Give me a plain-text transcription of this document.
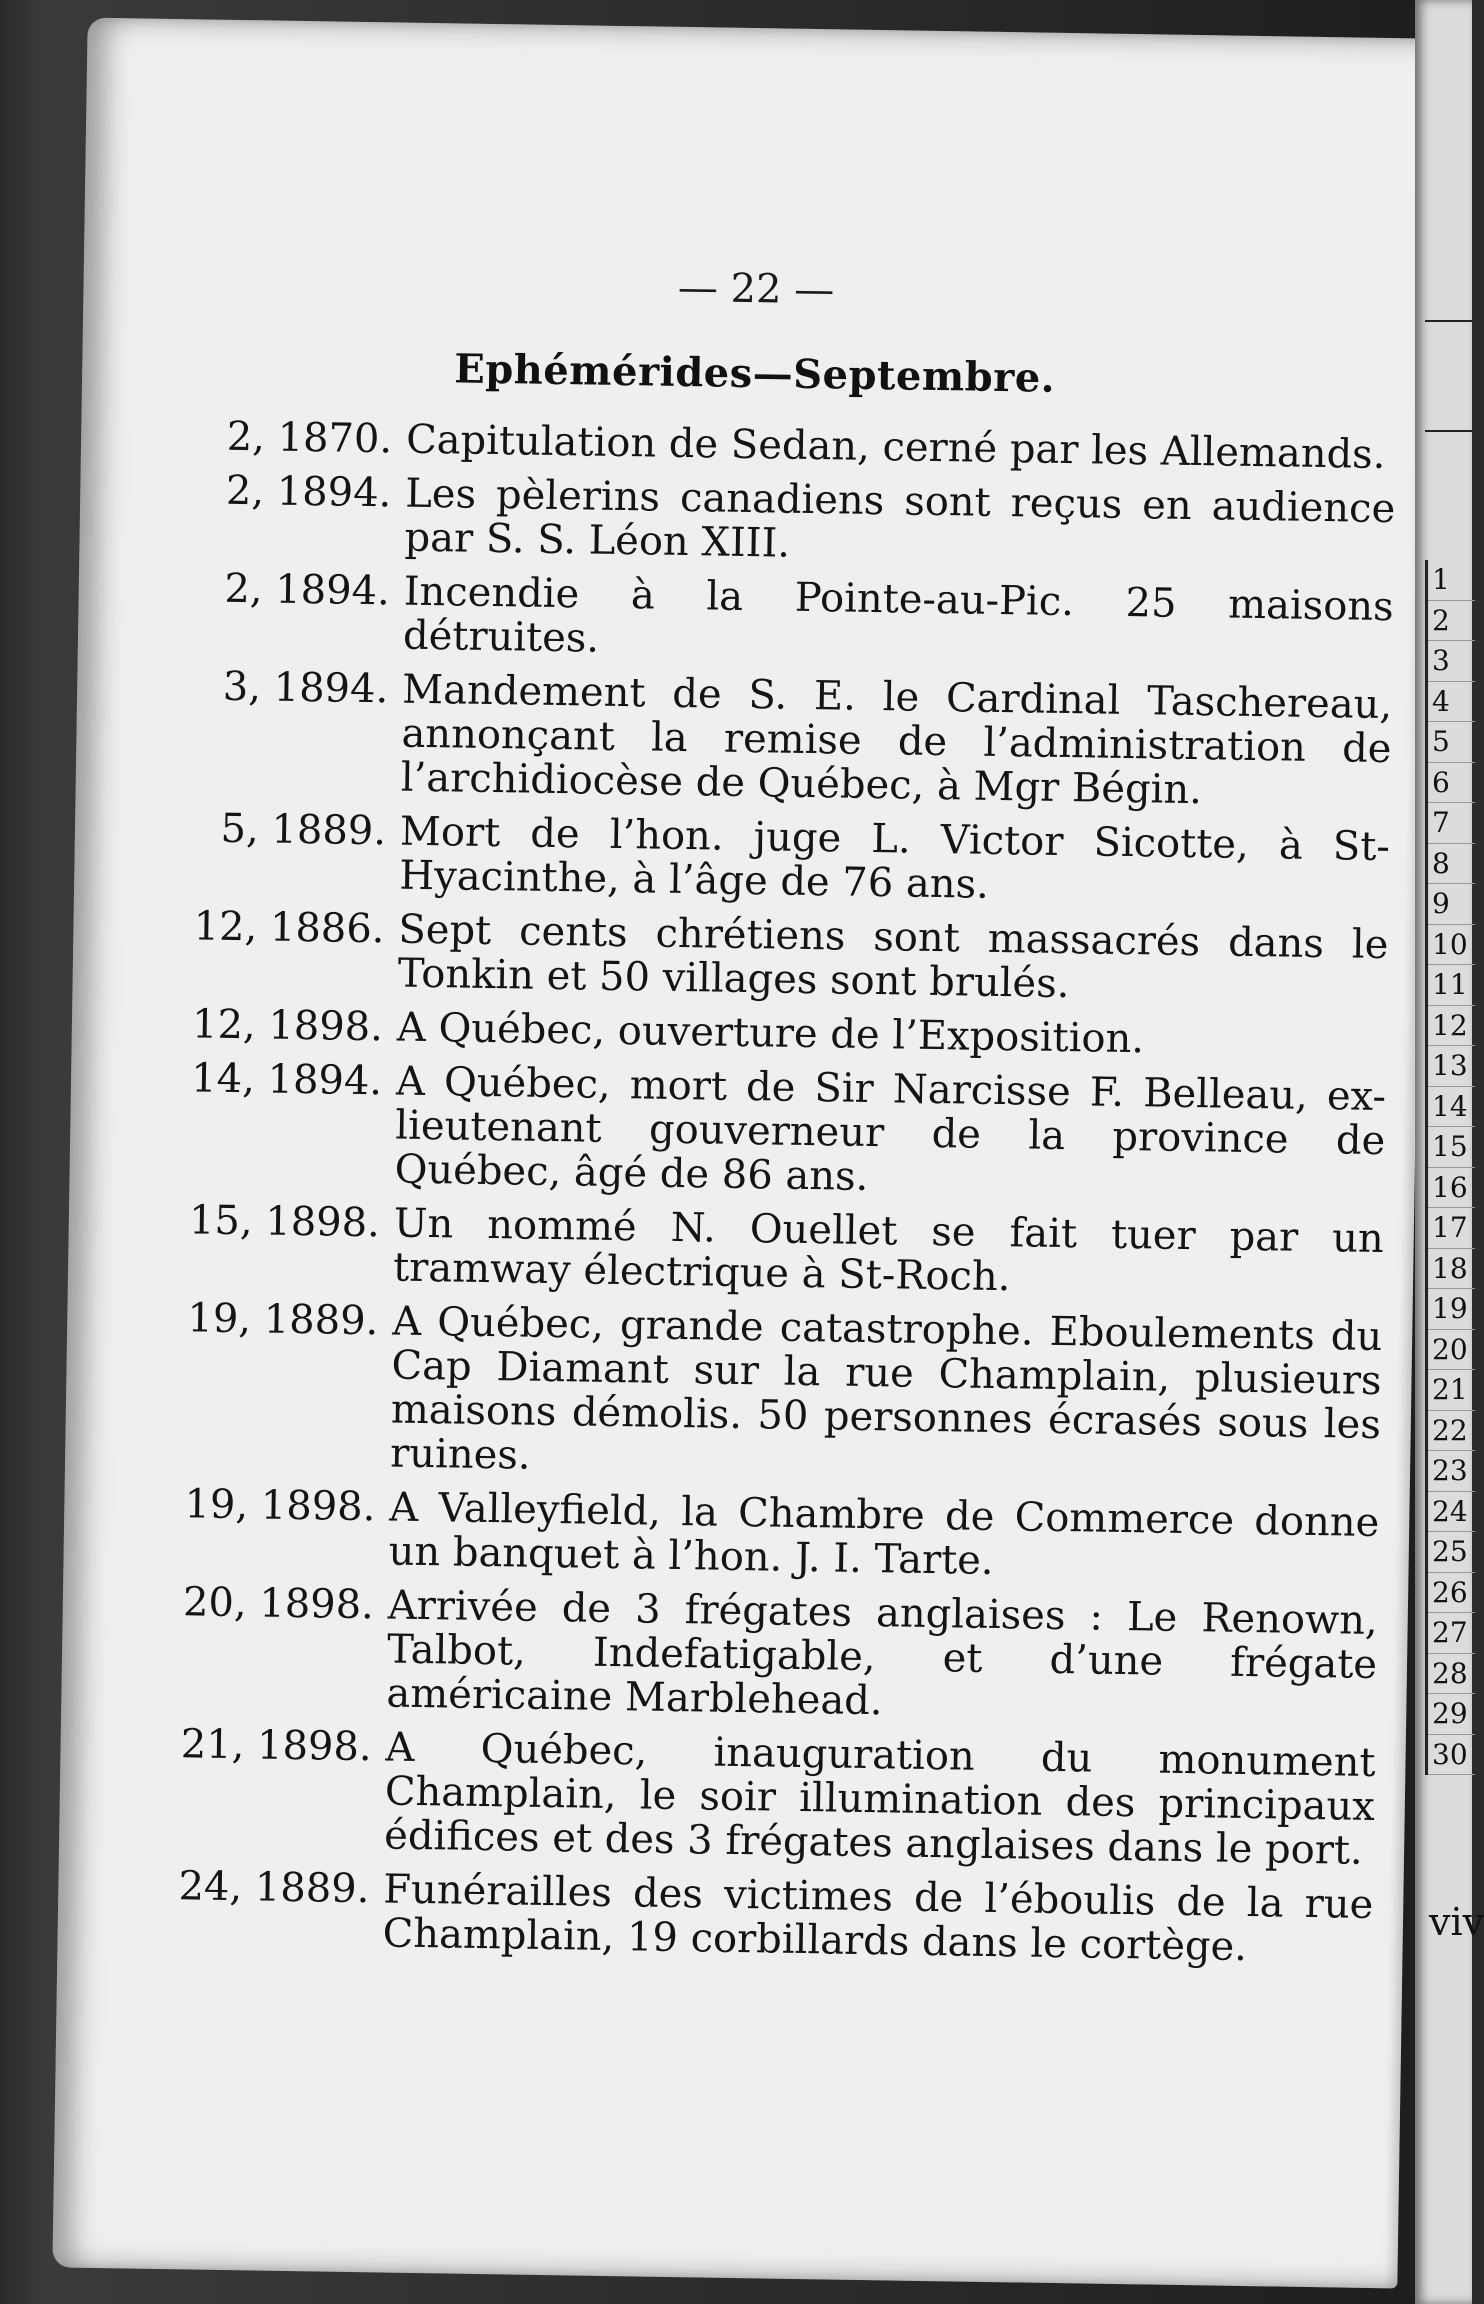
— 22 —
Ephémérides—Septembre.
2, 1870. Capitulation de Sedan, cerné par les Allemands.
2, 1894. Les pèlerins canadiens sont reçus en audience par S. S. Léon XIII.
2, 1894. Incendie à la Pointe-au-Pic. 25 maisons détruites.
3, 1894. Mandement de S. E. le Cardinal Taschereau, annonçant la remise de l’administration de l’archidiocèse de Québec, à Mgr Bégin.
5, 1889. Mort de l’hon. juge L. Victor Sicotte, à St-Hyacinthe, à l’âge de 76 ans.
12, 1886. Sept cents chrétiens sont massacrés dans le Tonkin et 50 villages sont brulés.
12, 1898. A Québec, ouverture de l’Exposition.
14, 1894. A Québec, mort de Sir Narcisse F. Belleau, ex-lieutenant gouverneur de la province de Québec, âgé de 86 ans.
15, 1898. Un nommé N. Ouellet se fait tuer par un tramway électrique à St-Roch.
19, 1889. A Québec, grande catastrophe. Eboulements du Cap Diamant sur la rue Champlain, plusieurs maisons démolis. 50 personnes écrasés sous les ruines.
19, 1898. A Valleyfield, la Chambre de Commerce donne un banquet à l’hon. J. I. Tarte.
20, 1898. Arrivée de 3 frégates anglaises : Le Renown, Talbot, Indefatigable, et d’une frégate américaine Marblehead.
21, 1898. A Québec, inauguration du monument Champlain, le soir illumination des principaux édifices et des 3 frégates anglaises dans le port.
24, 1889. Funérailles des victimes de l’éboulis de la rue Champlain, 19 corbillards dans le cortège.
1
2
3
4
5
6
7
8
9
10
11
12
13
14
15
16
17
18
19
20
21
22
23
24
25
26
27
28
29
30
viv
